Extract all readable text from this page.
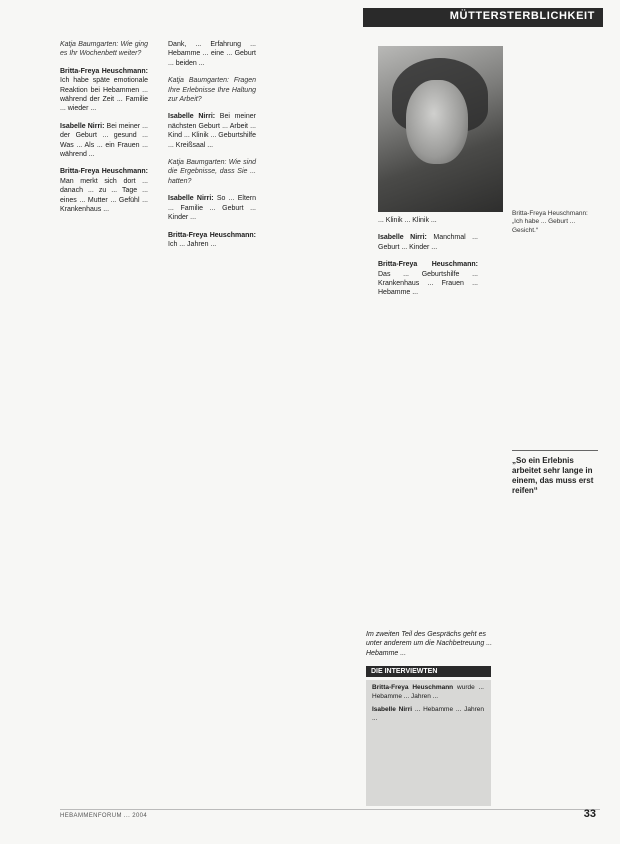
MÜTTERSTERBLICHKEIT

Katja Baumgarten: Wie ging es Ihr Wochenbett weiter?

Britta-Freya Heuschmann: Ich habe späte emotionale Reaktion bei Hebammen ... während der Zeit ... Familie ... wieder ...

Isabelle Nirri: Bei meiner ... der Geburt ... gesund ... Was ... Als ... ein Frauen ... während ...

Britta-Freya Heuschmann: Man merkt sich dort ... danach ... zu ... Tage ... eines ... Mutter ... Gefühl ... Krankenhaus ...

Dank, ... Erfahrung ... Hebamme ... eine ... Geburt ... beiden ...

Katja Baumgarten: Fragen Ihre Erlebnisse Ihre Haltung zur Arbeit?

Isabelle Nirri: Bei meiner nächsten Geburt ... Arbeit ... Kind ... Klinik ... Geburtshilfe ... Kreißsaal ...

Katja Baumgarten: Wie sind die Ergebnisse, dass Sie ... hatten?

Isabelle Nirri: So ... Eltern ... Familie ... Geburt ... Kinder ...

Britta-Freya Heuschmann: Ich ... Jahren ...

Britta-Freya Heuschmann: „Ich habe ... Geburt ... Gesicht.“

... Klinik ... Klinik ...

Isabelle Nirri: Manchmal ... Geburt ... Kinder ...

Britta-Freya Heuschmann: Das ... Geburtshilfe ... Krankenhaus ... Frauen ... Hebamme ...

„So ein Erlebnis arbeitet sehr lange in einem, das muss erst reifen“
Im zweiten Teil des Gesprächs geht es unter anderem um die Nachbetreuung ... Hebamme ...
DIE INTERVIEWTEN

Britta-Freya Heuschmann wurde ... Hebamme ... Jahren ...

Isabelle Nirri ... Hebamme ... Jahren ...

HEBAMMENFORUM ... 2004	33
